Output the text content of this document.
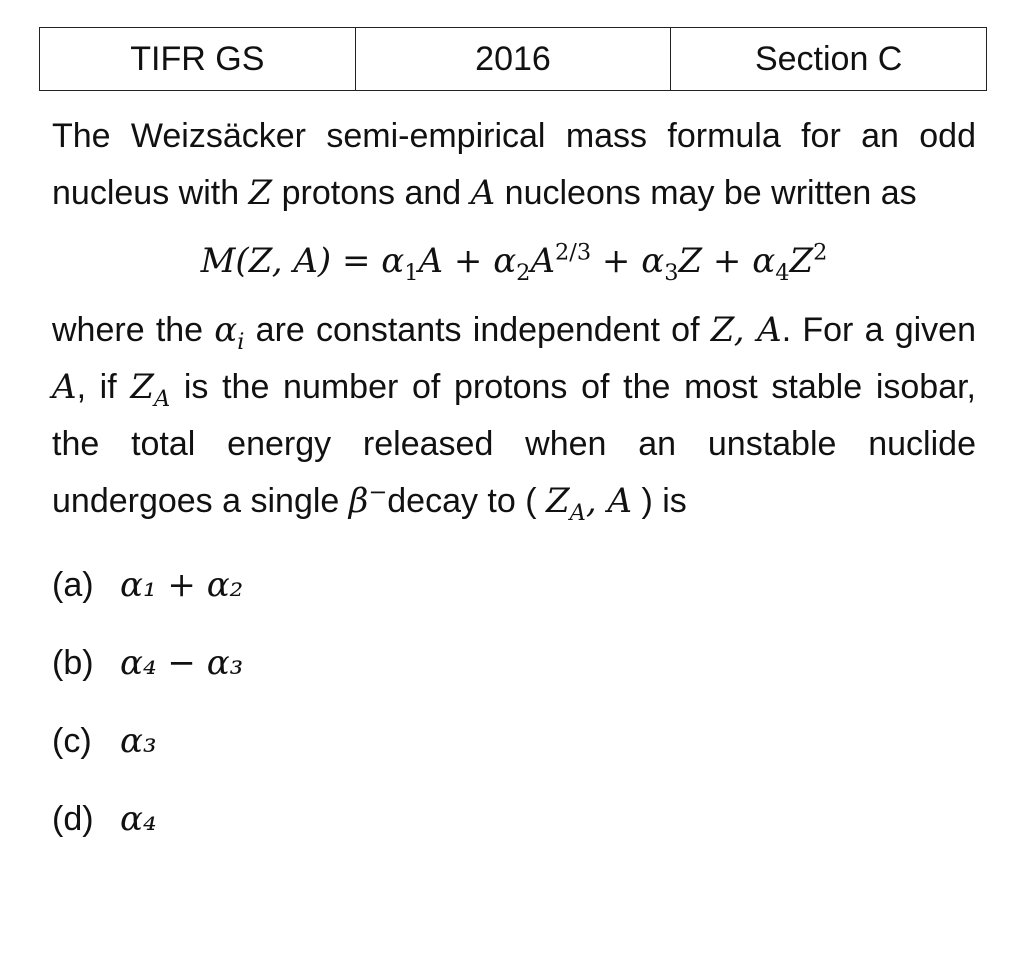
TIFR GS	2016	Section C

The Weizsäcker semi-empirical mass formula for an odd nucleus with Z protons and A nucleons may be written as

M(Z, $A) = \alpha_1A + \alpha_2A^{2/3} + \alpha_3Z + \alpha_4Z^2$

where the $\alpha_i$ are constants independent of Z, A. For a given A, if $Z_A$ is the number of protons of the most stable isobar, the total energy released when an unstable nuclide undergoes a single β−decay to ( $Z_A$, A ) is

(a) α₁ + α₂
(b) α₄ − α₃
(c) α₃
(d) α₄
